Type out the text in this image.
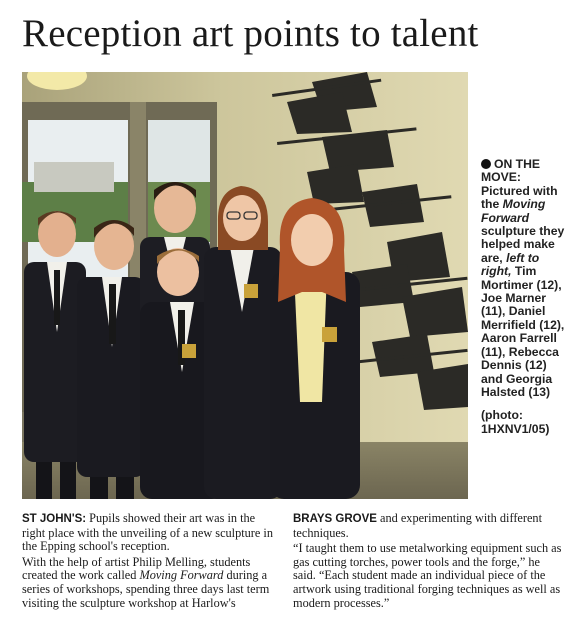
Reception art points to talent
ON THE MOVE: Pictured with the Moving Forward sculpture they helped make are, left to right, Tim Mortimer (12), Joe Marner (11), Daniel Merrifield (12), Aaron Farrell (11), Rebecca Dennis (12) and Georgia Halsted (13)
(photo: 1HXNV1/05)

ST JOHN'S: Pupils showed their art was in the right place with the unveiling of a new sculpture in the Epping school's reception.

With the help of artist Philip Melling, students created the work called Moving Forward during a series of workshops, spending three days last term visiting the sculpture workshop at Harlow's

BRAYS GROVE and experimenting with different techniques.

“I taught them to use metalworking equipment such as gas cutting torches, power tools and the forge,” he said. “Each student made an individual piece of the artwork using traditional forging techniques as well as modern processes.”
